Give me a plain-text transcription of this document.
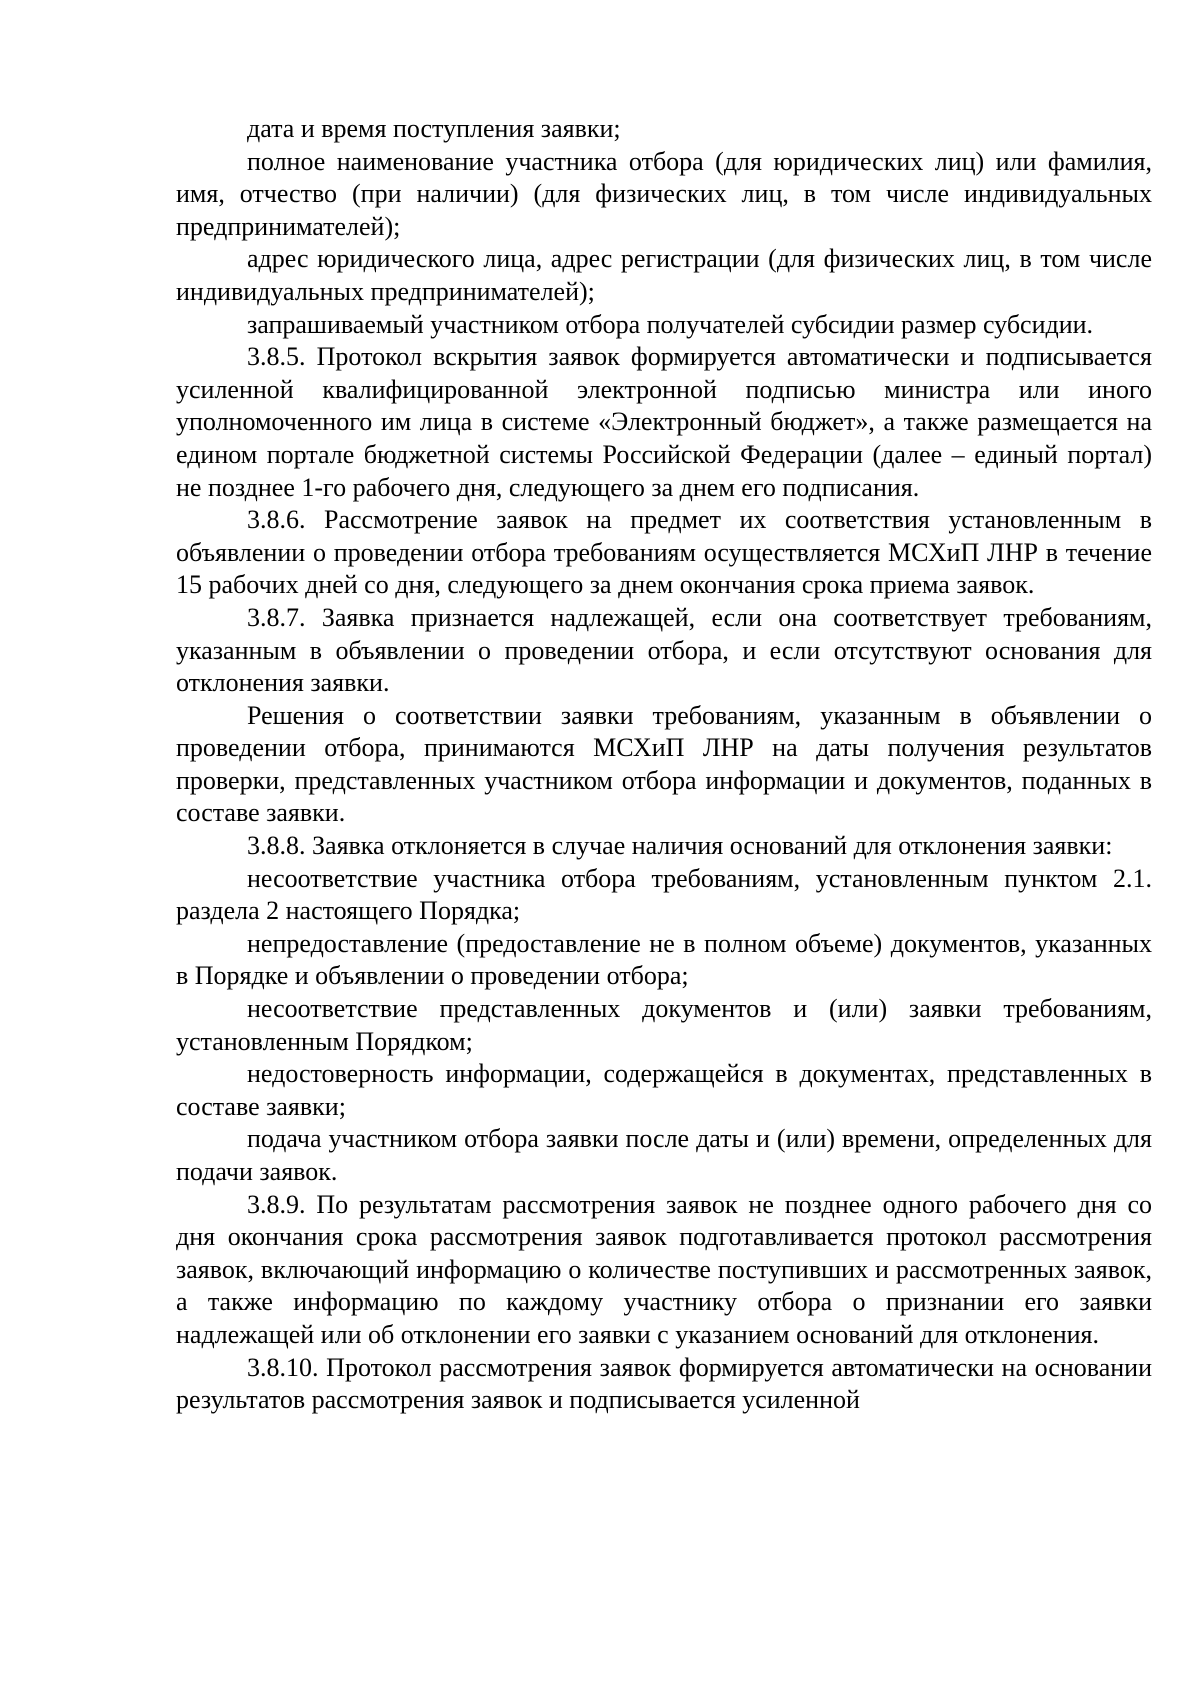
дата и время поступления заявки;

полное наименование участника отбора (для юридических лиц) или фамилия, имя, отчество (при наличии) (для физических лиц, в том числе индивидуальных предпринимателей);

адрес юридического лица, адрес регистрации (для физических лиц, в том числе индивидуальных предпринимателей);

запрашиваемый участником отбора получателей субсидии размер субсидии.

3.8.5. Протокол вскрытия заявок формируется автоматически и подписывается усиленной квалифицированной электронной подписью министра или иного уполномоченного им лица в системе «Электронный бюджет», а также размещается на едином портале бюджетной системы Российской Федерации (далее – единый портал) не позднее 1-го рабочего дня, следующего за днем его подписания.

3.8.6. Рассмотрение заявок на предмет их соответствия установленным в объявлении о проведении отбора требованиям осуществляется МСХиП ЛНР в течение 15 рабочих дней со дня, следующего за днем окончания срока приема заявок.

3.8.7. Заявка признается надлежащей, если она соответствует требованиям, указанным в объявлении о проведении отбора, и если отсутствуют основания для отклонения заявки.

Решения о соответствии заявки требованиям, указанным в объявлении о проведении отбора, принимаются МСХиП ЛНР на даты получения результатов проверки, представленных участником отбора информации и документов, поданных в составе заявки.

3.8.8. Заявка отклоняется в случае наличия оснований для отклонения заявки:

несоответствие участника отбора требованиям, установленным пунктом 2.1. раздела 2 настоящего Порядка;

непредоставление (предоставление не в полном объеме) документов, указанных в Порядке и объявлении о проведении отбора;

несоответствие представленных документов и (или) заявки требованиям, установленным Порядком;

недостоверность информации, содержащейся в документах, представленных в составе заявки;

подача участником отбора заявки после даты и (или) времени, определенных для подачи заявок.

3.8.9. По результатам рассмотрения заявок не позднее одного рабочего дня со дня окончания срока рассмотрения заявок подготавливается протокол рассмотрения заявок, включающий информацию о количестве поступивших и рассмотренных заявок, а также информацию по каждому участнику отбора о признании его заявки надлежащей или об отклонении его заявки с указанием оснований для отклонения.

3.8.10. Протокол рассмотрения заявок формируется автоматически на основании результатов рассмотрения заявок и подписывается усиленной
